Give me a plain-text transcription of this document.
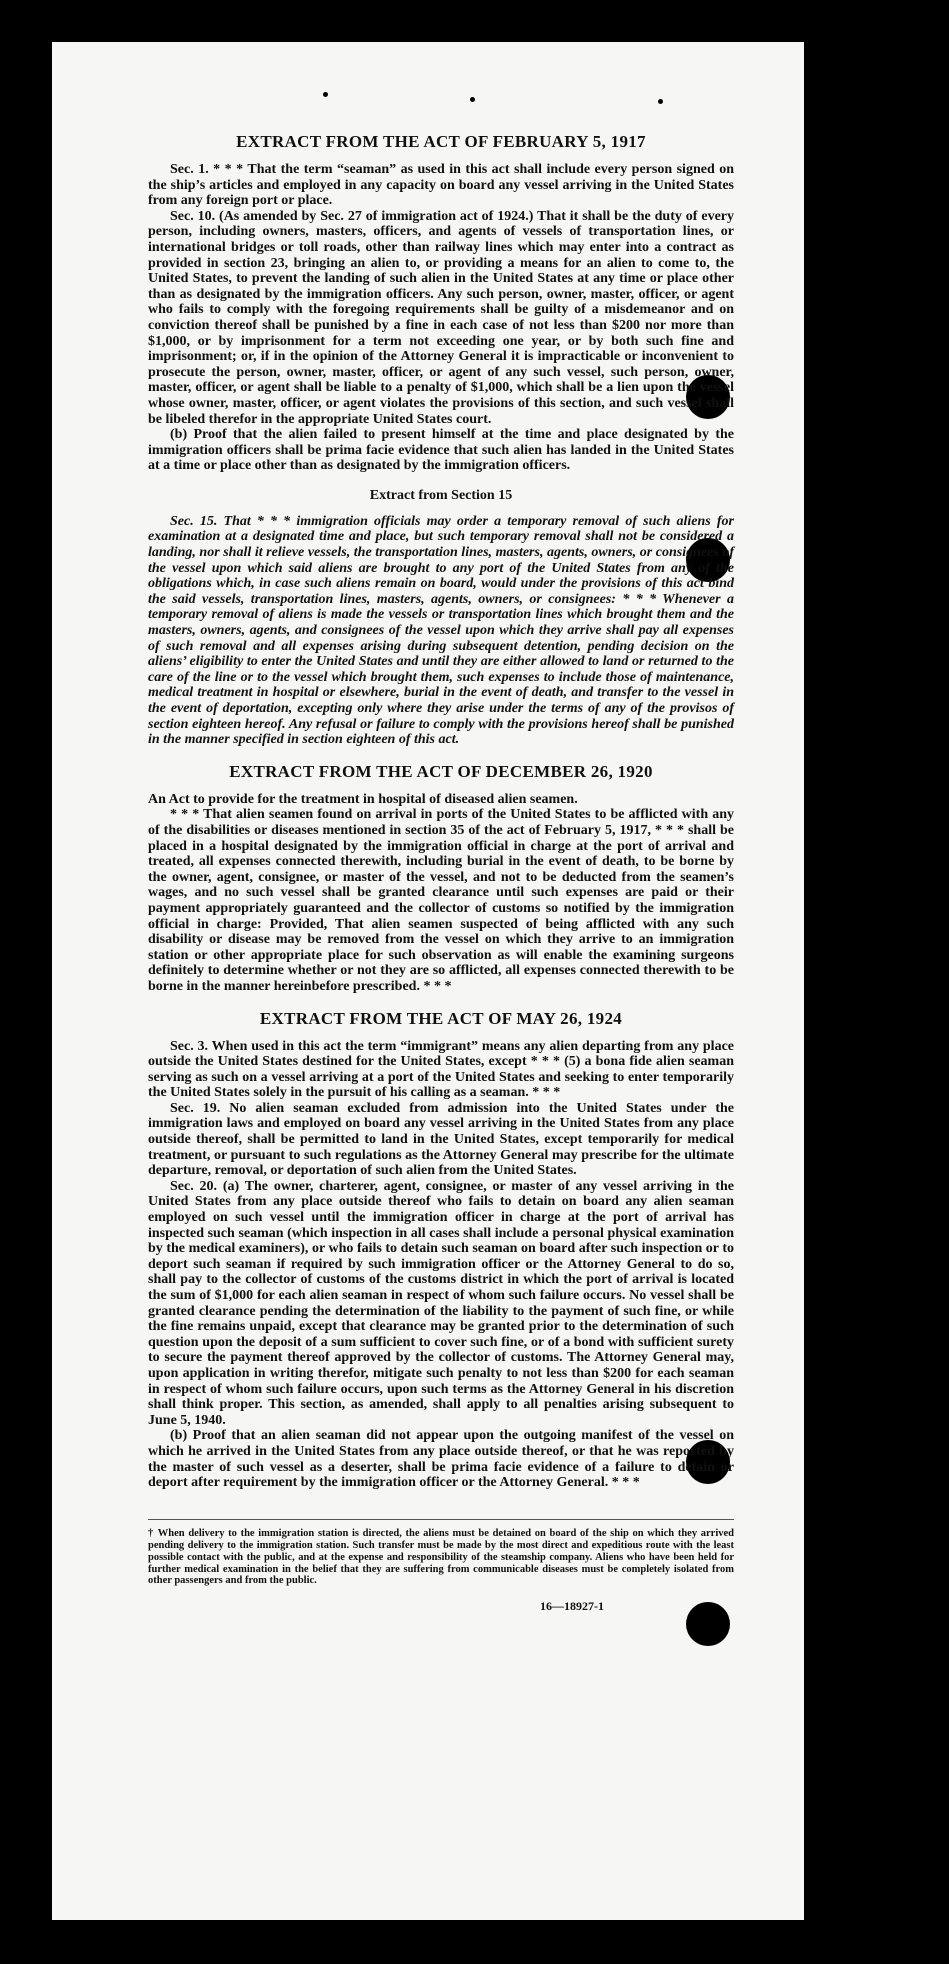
EXTRACT FROM THE ACT OF FEBRUARY 5, 1917

Sec. 1. * * * That the term “seaman” as used in this act shall include every person signed on the ship’s articles and employed in any capacity on board any vessel arriving in the United States from any foreign port or place.

Sec. 10. (As amended by Sec. 27 of immigration act of 1924.) That it shall be the duty of every person, including owners, masters, officers, and agents of vessels of transportation lines, or international bridges or toll roads, other than railway lines which may enter into a contract as provided in section 23, bringing an alien to, or providing a means for an alien to come to, the United States, to prevent the landing of such alien in the United States at any time or place other than as designated by the immigration officers. Any such person, owner, master, officer, or agent who fails to comply with the foregoing requirements shall be guilty of a misdemeanor and on conviction thereof shall be punished by a fine in each case of not less than $200 nor more than $1,000, or by imprisonment for a term not exceeding one year, or by both such fine and imprisonment; or, if in the opinion of the Attorney General it is impracticable or inconvenient to prosecute the person, owner, master, officer, or agent of any such vessel, such person, owner, master, officer, or agent shall be liable to a penalty of $1,000, which shall be a lien upon the vessel whose owner, master, officer, or agent violates the provisions of this section, and such vessel shall be libeled therefor in the appropriate United States court.

(b) Proof that the alien failed to present himself at the time and place designated by the immigration officers shall be prima facie evidence that such alien has landed in the United States at a time or place other than as designated by the immigration officers.

Extract from Section 15

Sec. 15. That * * * immigration officials may order a temporary removal of such aliens for examination at a designated time and place, but such temporary removal shall not be considered a landing, nor shall it relieve vessels, the transportation lines, masters, agents, owners, or consignees of the vessel upon which said aliens are brought to any port of the United States from any of the obligations which, in case such aliens remain on board, would under the provisions of this act bind the said vessels, transportation lines, masters, agents, owners, or consignees: * * * Whenever a temporary removal of aliens is made the vessels or transportation lines which brought them and the masters, owners, agents, and consignees of the vessel upon which they arrive shall pay all expenses of such removal and all expenses arising during subsequent detention, pending decision on the aliens’ eligibility to enter the United States and until they are either allowed to land or returned to the care of the line or to the vessel which brought them, such expenses to include those of maintenance, medical treatment in hospital or elsewhere, burial in the event of death, and transfer to the vessel in the event of deportation, excepting only where they arise under the terms of any of the provisos of section eighteen hereof. Any refusal or failure to comply with the provisions hereof shall be punished in the manner specified in section eighteen of this act.

EXTRACT FROM THE ACT OF DECEMBER 26, 1920

An Act to provide for the treatment in hospital of diseased alien seamen.

* * * That alien seamen found on arrival in ports of the United States to be afflicted with any of the disabilities or diseases mentioned in section 35 of the act of February 5, 1917, * * * shall be placed in a hospital designated by the immigration official in charge at the port of arrival and treated, all expenses connected therewith, including burial in the event of death, to be borne by the owner, agent, consignee, or master of the vessel, and not to be deducted from the seamen’s wages, and no such vessel shall be granted clearance until such expenses are paid or their payment appropriately guaranteed and the collector of customs so notified by the immigration official in charge: Provided, That alien seamen suspected of being afflicted with any such disability or disease may be removed from the vessel on which they arrive to an immigration station or other appropriate place for such observation as will enable the examining surgeons definitely to determine whether or not they are so afflicted, all expenses connected therewith to be borne in the manner hereinbefore prescribed. * * *

EXTRACT FROM THE ACT OF MAY 26, 1924

Sec. 3. When used in this act the term “immigrant” means any alien departing from any place outside the United States destined for the United States, except * * * (5) a bona fide alien seaman serving as such on a vessel arriving at a port of the United States and seeking to enter temporarily the United States solely in the pursuit of his calling as a seaman. * * *

Sec. 19. No alien seaman excluded from admission into the United States under the immigration laws and employed on board any vessel arriving in the United States from any place outside thereof, shall be permitted to land in the United States, except temporarily for medical treatment, or pursuant to such regulations as the Attorney General may prescribe for the ultimate departure, removal, or deportation of such alien from the United States.

Sec. 20. (a) The owner, charterer, agent, consignee, or master of any vessel arriving in the United States from any place outside thereof who fails to detain on board any alien seaman employed on such vessel until the immigration officer in charge at the port of arrival has inspected such seaman (which inspection in all cases shall include a personal physical examination by the medical examiners), or who fails to detain such seaman on board after such inspection or to deport such seaman if required by such immigration officer or the Attorney General to do so, shall pay to the collector of customs of the customs district in which the port of arrival is located the sum of $1,000 for each alien seaman in respect of whom such failure occurs. No vessel shall be granted clearance pending the determination of the liability to the payment of such fine, or while the fine remains unpaid, except that clearance may be granted prior to the determination of such question upon the deposit of a sum sufficient to cover such fine, or of a bond with sufficient surety to secure the payment thereof approved by the collector of customs. The Attorney General may, upon application in writing therefor, mitigate such penalty to not less than $200 for each seaman in respect of whom such failure occurs, upon such terms as the Attorney General in his discretion shall think proper. This section, as amended, shall apply to all penalties arising subsequent to June 5, 1940.

(b) Proof that an alien seaman did not appear upon the outgoing manifest of the vessel on which he arrived in the United States from any place outside thereof, or that he was reported by the master of such vessel as a deserter, shall be prima facie evidence of a failure to detain or deport after requirement by the immigration officer or the Attorney General. * * *

† When delivery to the immigration station is directed, the aliens must be detained on board of the ship on which they arrived pending delivery to the immigration station. Such transfer must be made by the most direct and expeditious route with the least possible contact with the public, and at the expense and responsibility of the steamship company. Aliens who have been held for further medical examination in the belief that they are suffering from communicable diseases must be completely isolated from other passengers and from the public.

16—18927-1
